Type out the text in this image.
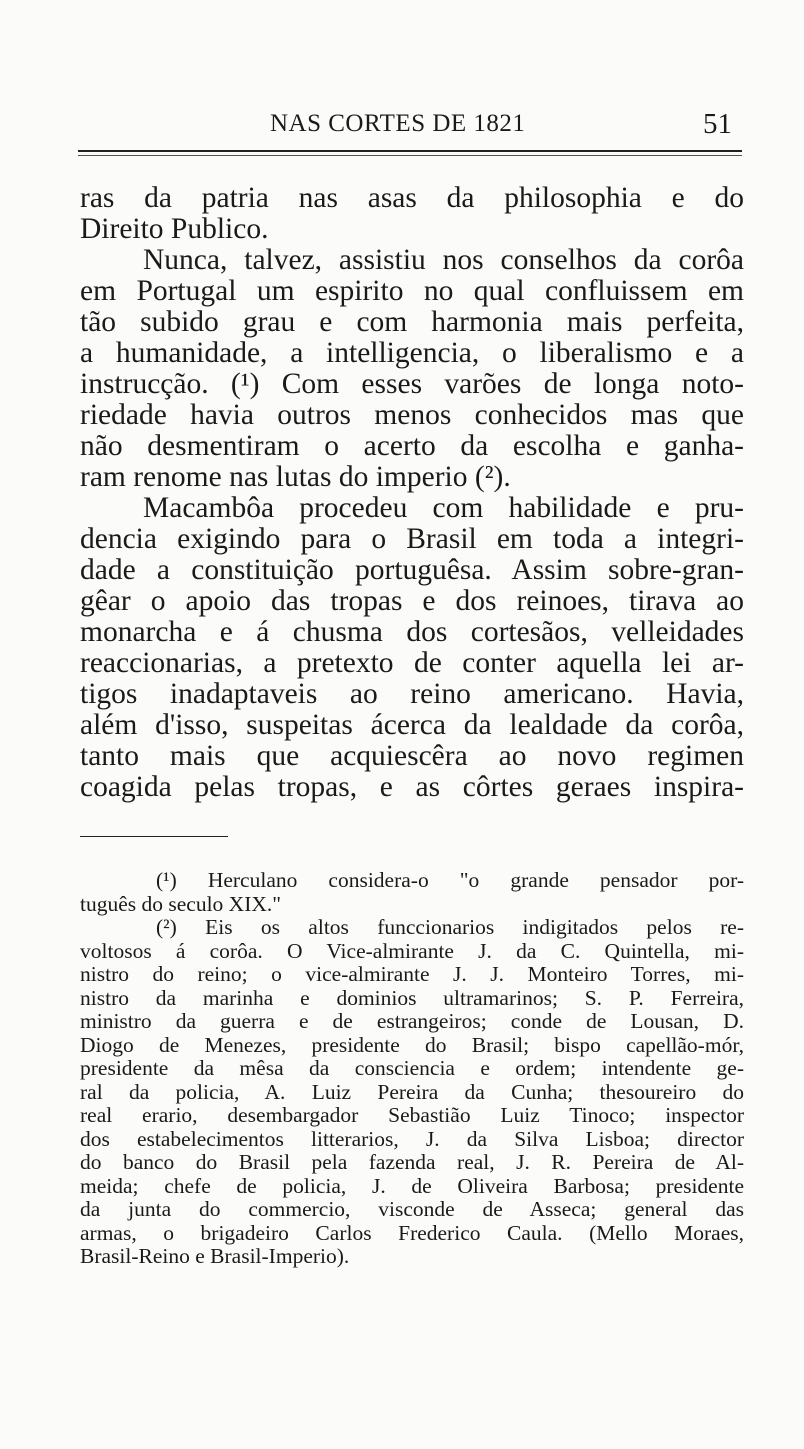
NAS CORTES DE 1821	51
ras da patria nas asas da philosophia e do
Direito Publico.
Nunca, talvez, assistiu nos conselhos da corôa
em Portugal um espirito no qual confluissem em
tão subido grau e com harmonia mais perfeita,
a humanidade, a intelligencia, o liberalismo e a
instrucção. (¹) Com esses varões de longa noto-
riedade havia outros menos conhecidos mas que
não desmentiram o acerto da escolha e ganha-
ram renome nas lutas do imperio (²).
Macambôa procedeu com habilidade e pru-
dencia exigindo para o Brasil em toda a integri-
dade a constituição portuguêsa. Assim sobre-gran-
gêar o apoio das tropas e dos reinoes, tirava ao
monarcha e á chusma dos cortesãos, velleidades
reaccionarias, a pretexto de conter aquella lei ar-
tigos inadaptaveis ao reino americano. Havia,
além d'isso, suspeitas ácerca da lealdade da corôa,
tanto mais que acquiescêra ao novo regimen
coagida pelas tropas, e as côrtes geraes inspira-
(¹) Herculano considera-o "o grande pensador por-
tuguês do seculo XIX."
(²) Eis os altos funccionarios indigitados pelos re-
voltosos á corôa. O Vice-almirante J. da C. Quintella, mi-
nistro do reino; o vice-almirante J. J. Monteiro Torres, mi-
nistro da marinha e dominios ultramarinos; S. P. Ferreira,
ministro da guerra e de estrangeiros; conde de Lousan, D.
Diogo de Menezes, presidente do Brasil; bispo capellão-mór,
presidente da mêsa da consciencia e ordem; intendente ge-
ral da policia, A. Luiz Pereira da Cunha; thesoureiro do
real erario, desembargador Sebastião Luiz Tinoco; inspector
dos estabelecimentos litterarios, J. da Silva Lisboa; director
do banco do Brasil pela fazenda real, J. R. Pereira de Al-
meida; chefe de policia, J. de Oliveira Barbosa; presidente
da junta do commercio, visconde de Asseca; general das
armas, o brigadeiro Carlos Frederico Caula. (Mello Moraes,
Brasil-Reino e Brasil-Imperio).
